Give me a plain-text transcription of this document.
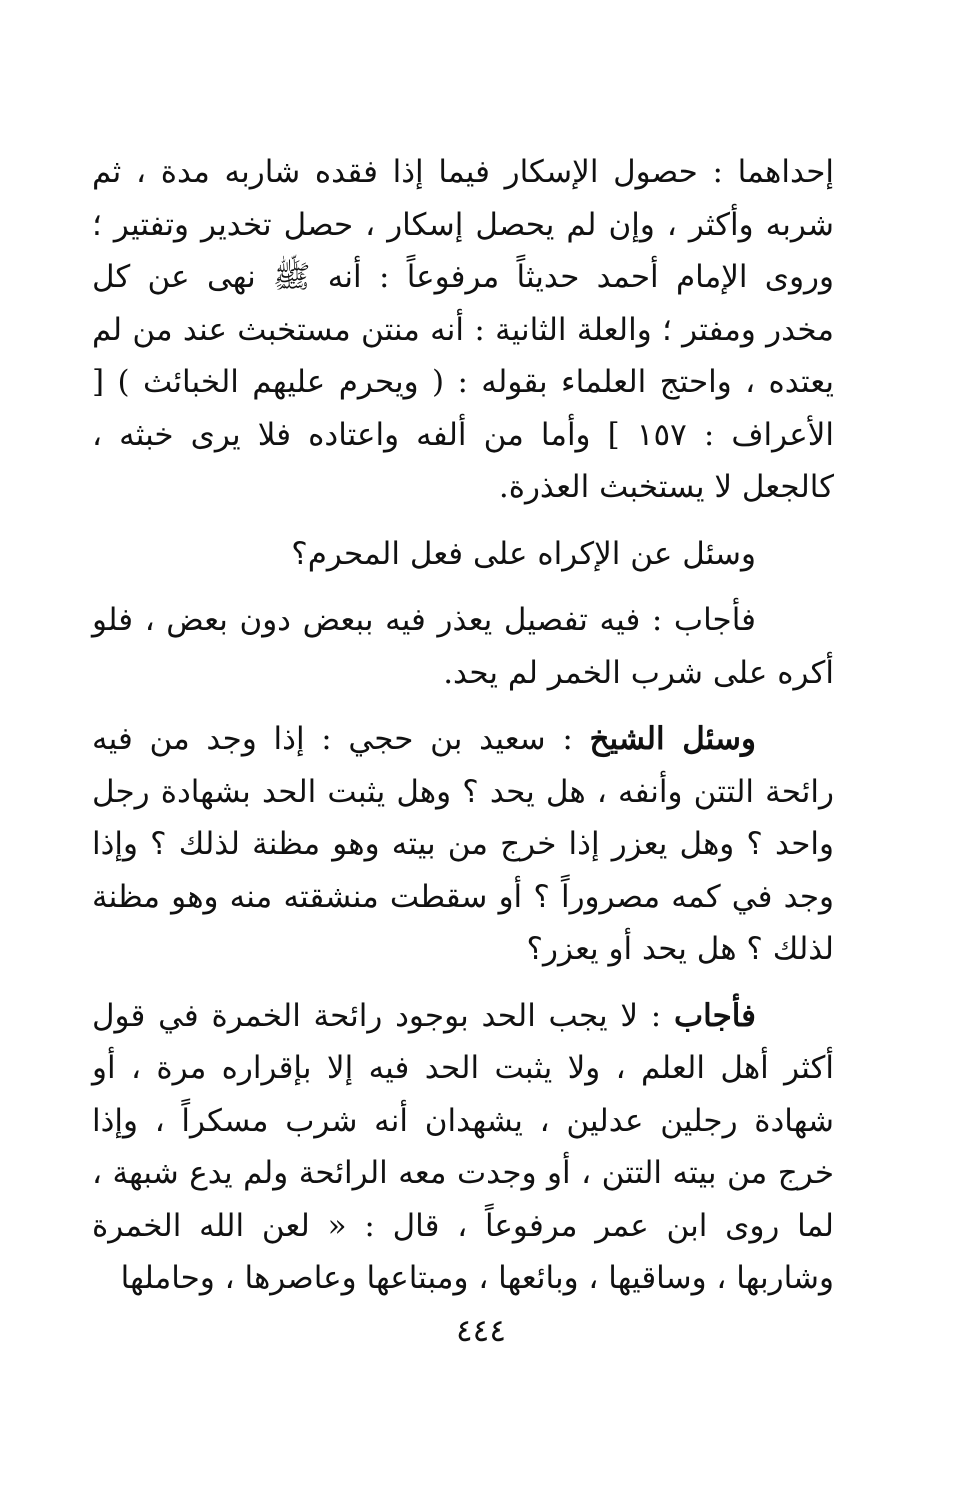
إحداهما : حصول الإسكار فيما إذا فقده شاربه مدة ، ثم شربه وأكثر ، وإن لم يحصل إسكار ، حصل تخدير وتفتير ؛ وروى الإمام أحمد حديثاً مرفوعاً : أنه ﷺ نهى عن كل مخدر ومفتر ؛ والعلة الثانية : أنه منتن مستخبث عند من لم يعتده ، واحتج العلماء بقوله : ( ويحرم عليهم الخبائث ) [ الأعراف : ١٥٧ ] وأما من ألفه واعتاده فلا يرى خبثه ، كالجعل لا يستخبث العذرة.

وسئل عن الإكراه على فعل المحرم؟

فأجاب : فيه تفصيل يعذر فيه ببعض دون بعض ، فلو أكره على شرب الخمر لم يحد.

وسئل الشيخ : سعيد بن حجي : إذا وجد من فيه رائحة التتن وأنفه ، هل يحد ؟ وهل يثبت الحد بشهادة رجل واحد ؟ وهل يعزر إذا خرج من بيته وهو مظنة لذلك ؟ وإذا وجد في كمه مصروراً ؟ أو سقطت منشقته منه وهو مظنة لذلك ؟ هل يحد أو يعزر؟

فأجاب : لا يجب الحد بوجود رائحة الخمرة في قول أكثر أهل العلم ، ولا يثبت الحد فيه إلا بإقراره مرة ، أو شهادة رجلين عدلين ، يشهدان أنه شرب مسكراً ، وإذا خرج من بيته التتن ، أو وجدت معه الرائحة ولم يدع شبهة ، لما روى ابن عمر مرفوعاً ، قال : « لعن الله الخمرة وشاربها ، وساقيها ، وبائعها ، ومبتاعها وعاصرها ، وحاملها

٤٤٤
